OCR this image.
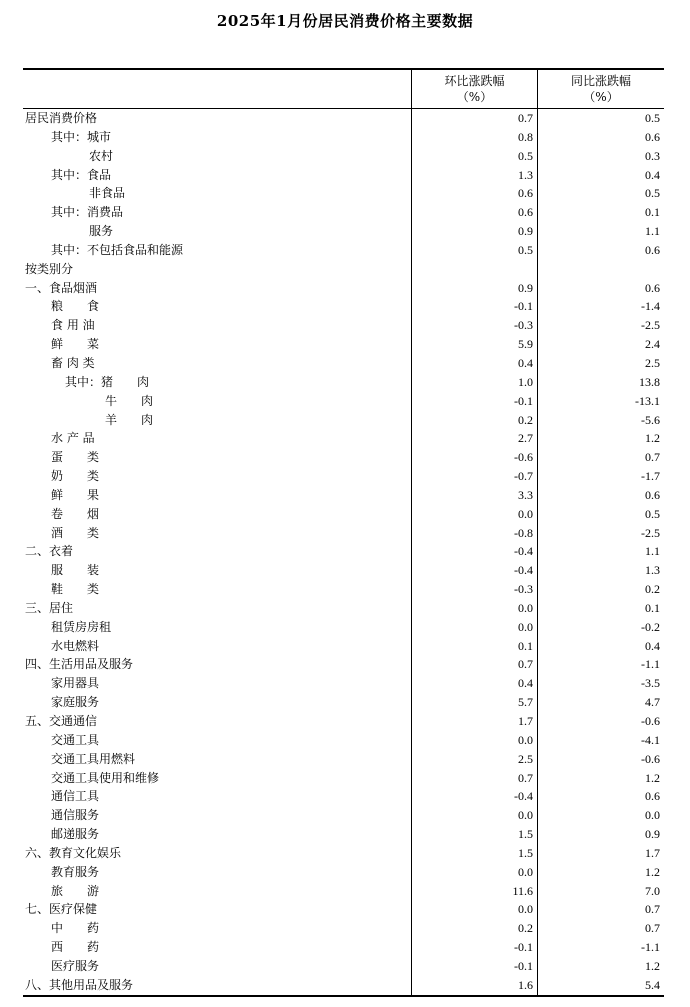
2025年1月份居民消费价格主要数据
环比涨跌幅
（%）
同比涨跌幅
（%）
居民消费价格	0.7	0.5
其中：城市	0.8	0.6
农村	0.5	0.3
其中：食品	1.3	0.4
非食品	0.6	0.5
其中：消费品	0.6	0.1
服务	0.9	1.1
其中：不包括食品和能源	0.5	0.6
按类别分
一、食品烟酒	0.9	0.6
粮　　食	-0.1	-1.4
食 用 油	-0.3	-2.5
鲜　　菜	5.9	2.4
畜 肉 类	0.4	2.5
其中：猪　　肉	1.0	13.8
牛　　肉	-0.1	-13.1
羊　　肉	0.2	-5.6
水 产 品	2.7	1.2
蛋　　类	-0.6	0.7
奶　　类	-0.7	-1.7
鲜　　果	3.3	0.6
卷　　烟	0.0	0.5
酒　　类	-0.8	-2.5
二、衣着	-0.4	1.1
服　　装	-0.4	1.3
鞋　　类	-0.3	0.2
三、居住	0.0	0.1
租赁房房租	0.0	-0.2
水电燃料	0.1	0.4
四、生活用品及服务	0.7	-1.1
家用器具	0.4	-3.5
家庭服务	5.7	4.7
五、交通通信	1.7	-0.6
交通工具	0.0	-4.1
交通工具用燃料	2.5	-0.6
交通工具使用和维修	0.7	1.2
通信工具	-0.4	0.6
通信服务	0.0	0.0
邮递服务	1.5	0.9
六、教育文化娱乐	1.5	1.7
教育服务	0.0	1.2
旅　　游	11.6	7.0
七、医疗保健	0.0	0.7
中　　药	0.2	0.7
西　　药	-0.1	-1.1
医疗服务	-0.1	1.2
八、其他用品及服务	1.6	5.4
